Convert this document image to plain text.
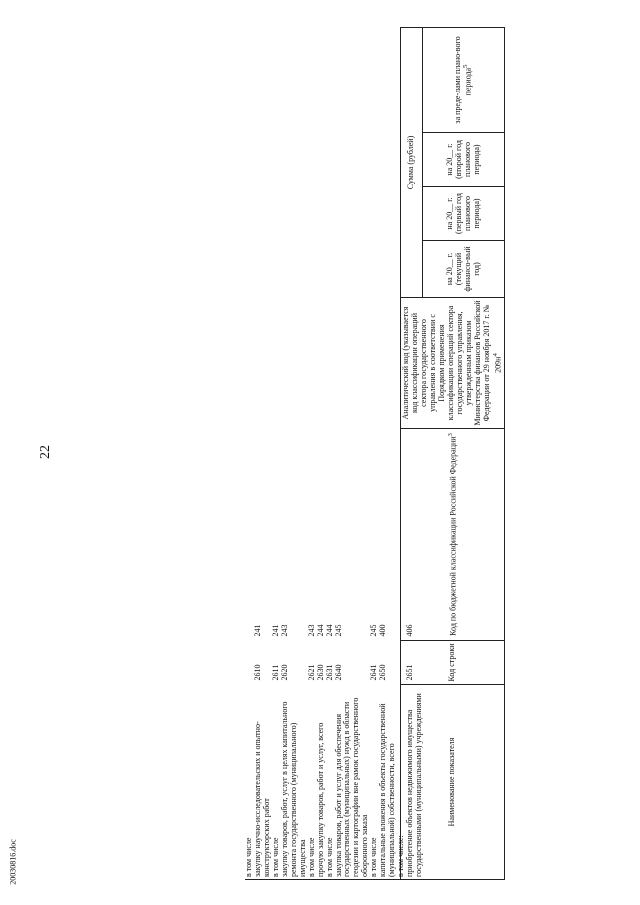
22
20030816.doc
Наименование показателя	Код строки	Код по бюджетной классификации Российской Федерации$^3$	Аналитический код (указывается код классификации операций сектора государственного управления в соответствии с Порядком применения классификации операций сектора государственного управления, утвержденным приказом Министерства финансов Российской Федерации от 29 ноября 2017 г. № $209н^4$	Сумма (рублей)			
				на 20__ г. (текущий финансо-вый год)	на 20__ г. (первый год планового периода)	на 20__ г. (второй год планового периода)	за преде-лами плано-вого периода$^5$
в том числе							
закупку научно-исследовательских и опытно-конструкторских работ	2610	241					
в том числе	2611	241					
закупку товаров, работ, услуг в целях капитального ремонта государственного (муниципального) имущества	2620	243					
в том числе	2621	243					
прочую закупку товаров, работ и услуг, всего	2630	244					
в том числе	2631	244					
закупка товаров, работ и услуг для обеспечения государственных (муниципальных) нужд в области геодезии и картографии вне рамок государственного оборонного заказа	2640	245					
в том числе	2641	245					
капитальные вложения в объекты государственной (муниципальной) собственности, всего	2650	400					
в том числе:							
приобретение объектов недвижимого имущества государственными (муниципальными) учреждениями	2651	406					
